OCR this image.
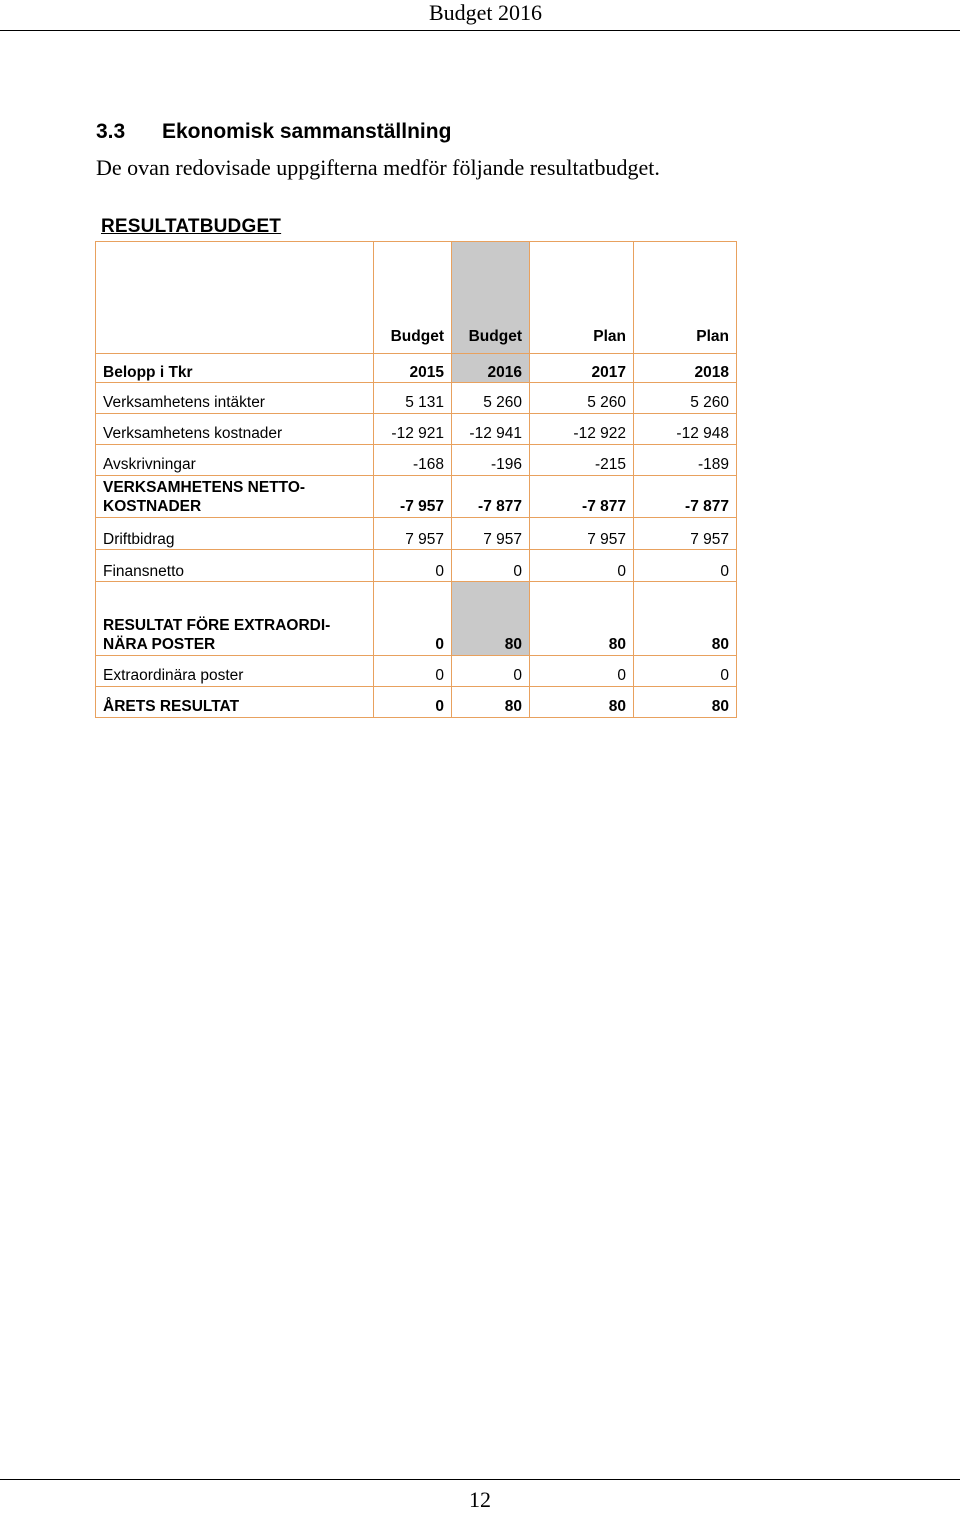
Budget 2016
3.3 Ekonomisk sammanställning
De ovan redovisade uppgifterna medför följande resultatbudget.
RESULTATBUDGET
	Budget	Budget	Plan	Plan
Belopp i Tkr	2015	2016	2017	2018
Verksamhetens intäkter	5 131	5 260	5 260	5 260
Verksamhetens kostnader	-12 921	-12 941	-12 922	-12 948
Avskrivningar	-168	-196	-215	-189
VERKSAMHETENS NETTO-
KOSTNADER	-7 957	-7 877	-7 877	-7 877
Driftbidrag	7 957	7 957	7 957	7 957
Finansnetto	0	0	0	0
RESULTAT FÖRE EXTRAORDI-
NÄRA POSTER	0	80	80	80
Extraordinära poster	0	0	0	0
ÅRETS RESULTAT	0	80	80	80
12
